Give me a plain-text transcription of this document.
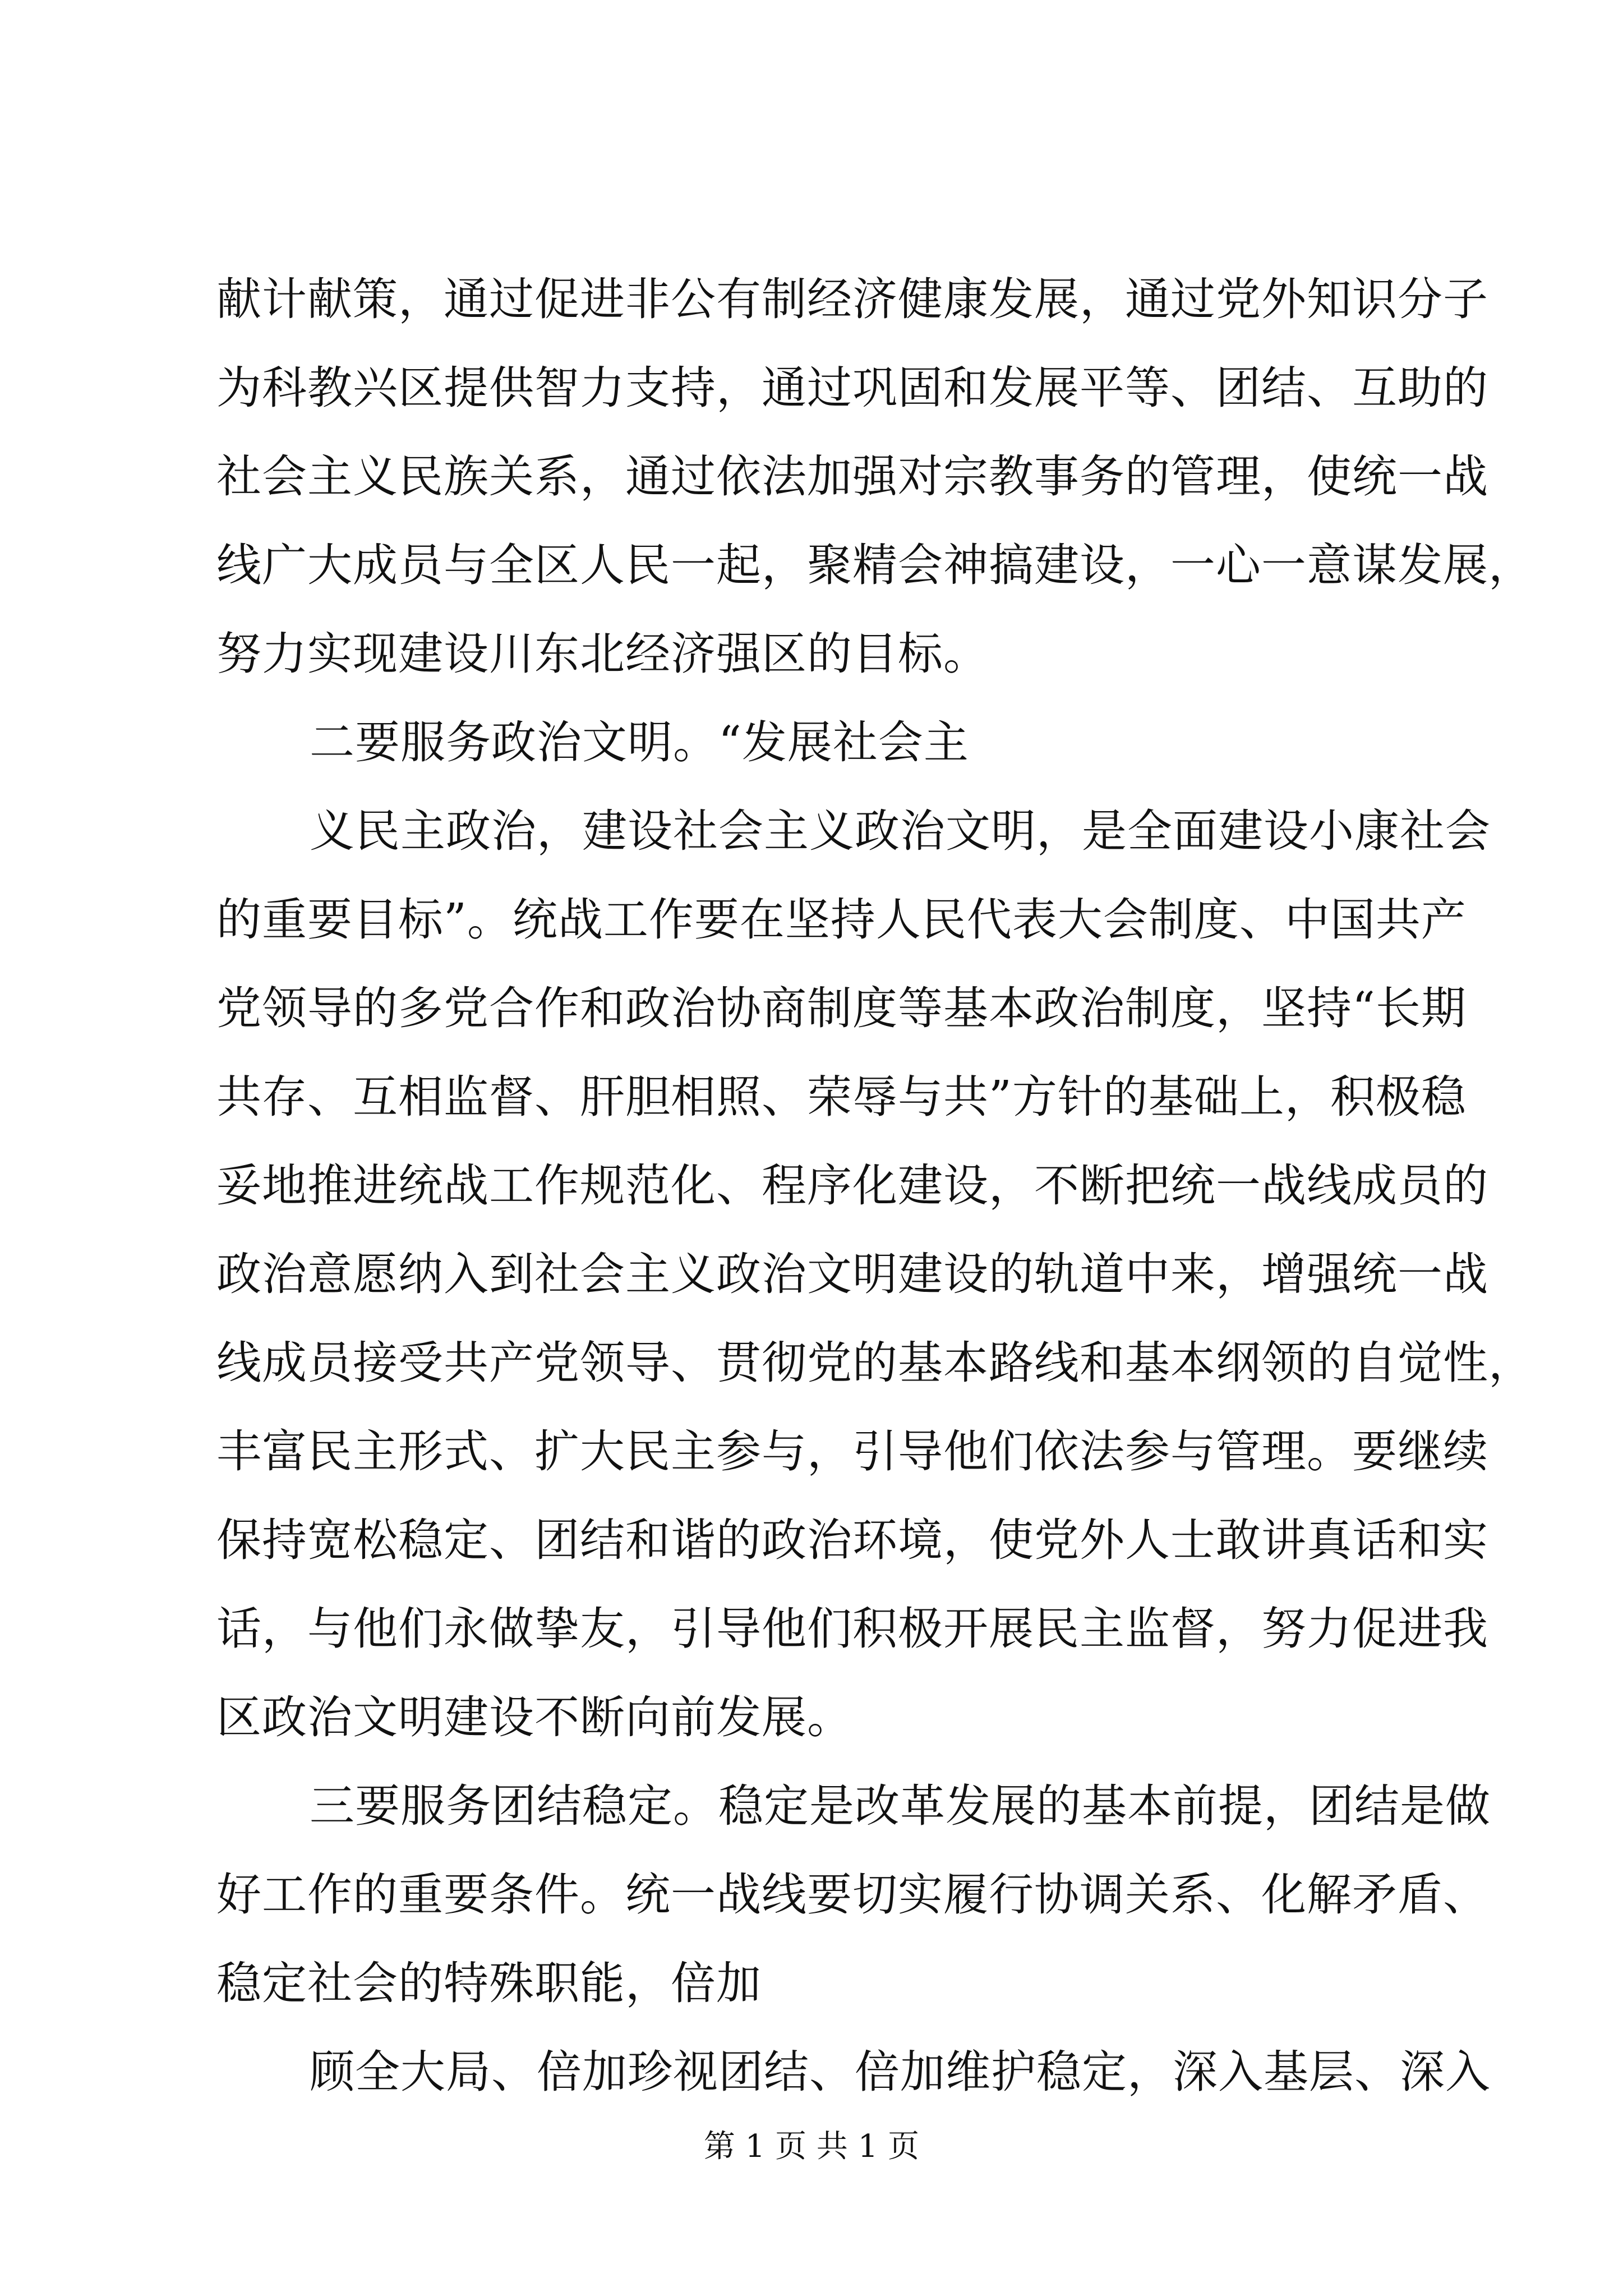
献计献策，通过促进非公有制经济健康发展，通过党外知识分子
为科教兴区提供智力支持，通过巩固和发展平等、团结、互助的
社会主义民族关系，通过依法加强对宗教事务的管理，使统一战
线广大成员与全区人民一起，聚精会神搞建设，一心一意谋发展，
努力实现建设川东北经济强区的目标。
二要服务政治文明。“发展社会主
义民主政治，建设社会主义政治文明，是全面建设小康社会
的重要目标”。统战工作要在坚持人民代表大会制度、中国共产
党领导的多党合作和政治协商制度等基本政治制度，坚持“长期
共存、互相监督、肝胆相照、荣辱与共”方针的基础上，积极稳
妥地推进统战工作规范化、程序化建设，不断把统一战线成员的
政治意愿纳入到社会主义政治文明建设的轨道中来，增强统一战
线成员接受共产党领导、贯彻党的基本路线和基本纲领的自觉性，
丰富民主形式、扩大民主参与，引导他们依法参与管理。要继续
保持宽松稳定、团结和谐的政治环境，使党外人士敢讲真话和实
话，与他们永做挚友，引导他们积极开展民主监督，努力促进我
区政治文明建设不断向前发展。
三要服务团结稳定。稳定是改革发展的基本前提，团结是做
好工作的重要条件。统一战线要切实履行协调关系、化解矛盾、
稳定社会的特殊职能，倍加
顾全大局、倍加珍视团结、倍加维护稳定，深入基层、深入
第 1 页 共 1 页
